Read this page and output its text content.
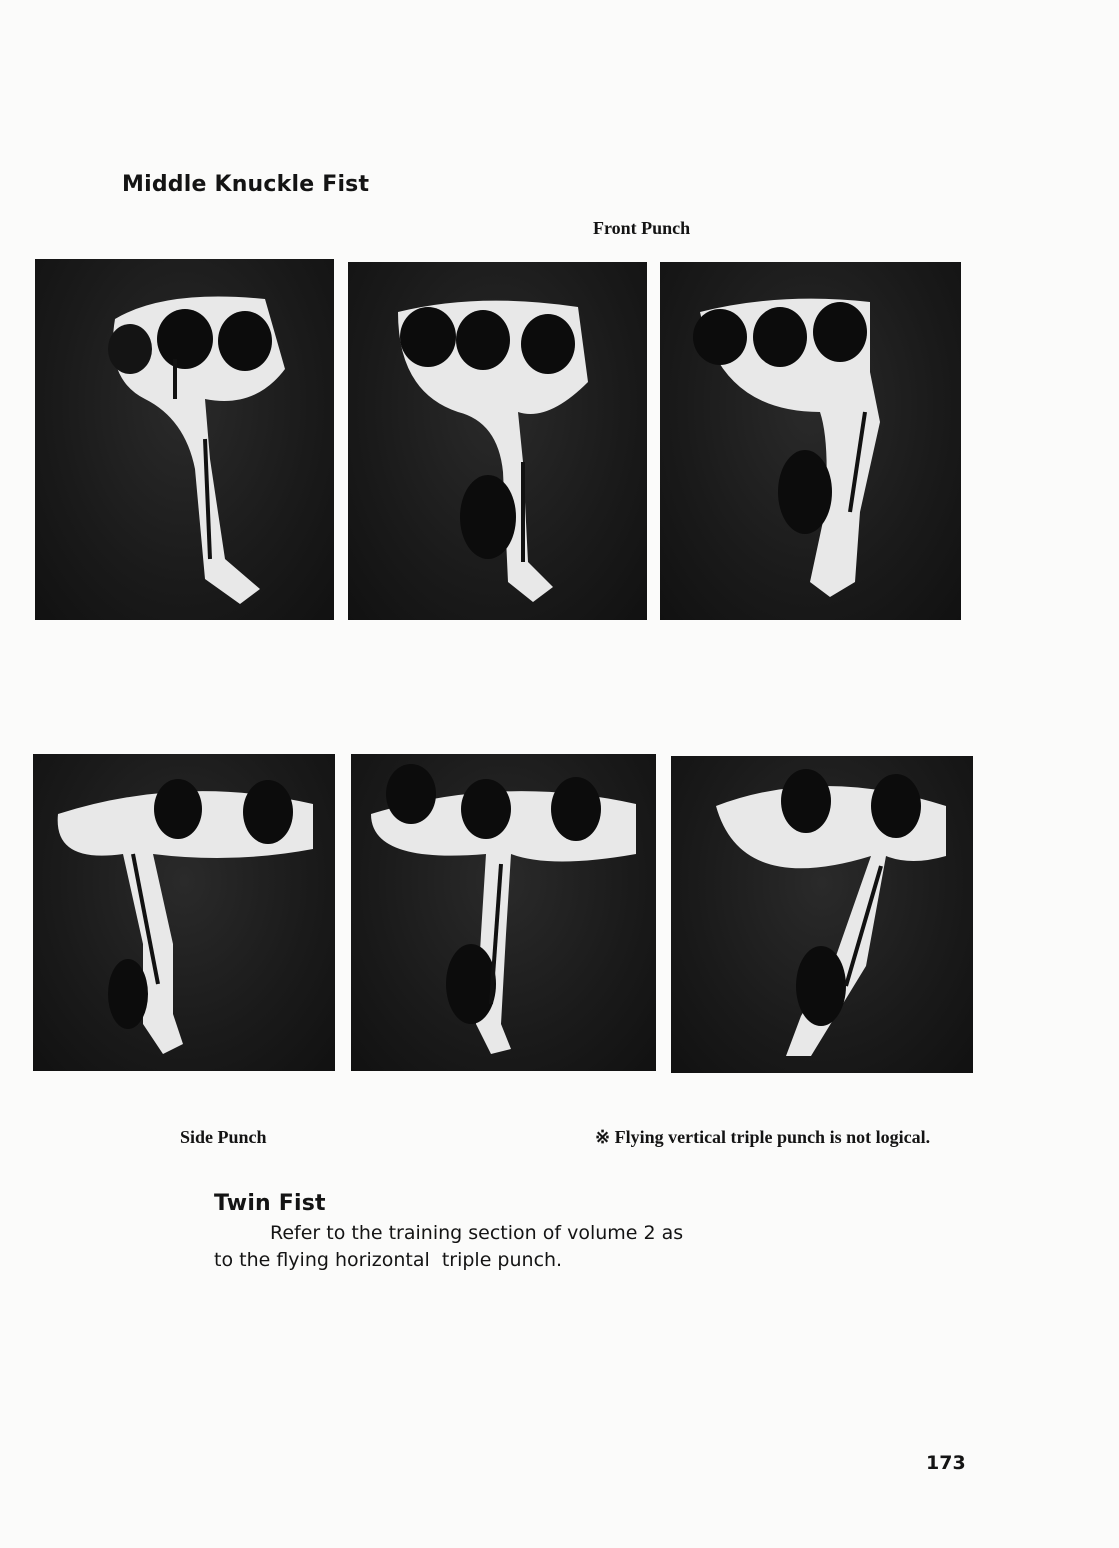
Middle Knuckle Fist
Front Punch
Side Punch	※ Flying vertical triple punch is not logical.
Twin Fist
Refer to the training section of volume 2 as
to the flying horizontal  triple punch.
173
